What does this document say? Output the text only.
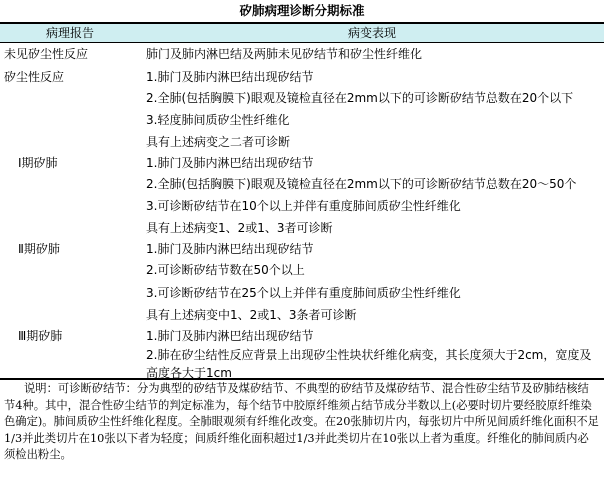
矽肺病理诊断分期标准
病理报告	病变表现
未见矽尘性反应	肺门及肺内淋巴结及两肺未见矽结节和矽尘性纤维化
矽尘性反应	1.肺门及肺内淋巴结出现矽结节
2.全肺(包括胸膜下)眼观及镜检直径在2mm以下的可诊断矽结节总数在20个以下
3.轻度肺间质矽尘性纤维化
具有上述病变之二者可诊断
Ⅰ期矽肺	1.肺门及肺内淋巴结出现矽结节
2.全肺(包括胸膜下)眼观及镜检直径在2mm以下的可诊断矽结节总数在20～50个
3.可诊断矽结节在10个以上并伴有重度肺间质矽尘性纤维化
具有上述病变1、2或1、3者可诊断
Ⅱ期矽肺	1.肺门及肺内淋巴结出现矽结节
2.可诊断矽结节数在50个以上
3.可诊断矽结节在25个以上并伴有重度肺间质矽尘性纤维化
具有上述病变中1、2或1、3条者可诊断
Ⅲ期矽肺	1.肺门及肺内淋巴结出现矽结节
2.肺在矽尘结性反应背景上出现矽尘性块状纤维化病变，其长度须大于2cm，宽度及高度各大于1cm
说明：可诊断矽结节：分为典型的矽结节及煤矽结节、不典型的矽结节及煤矽结节、混合性矽尘结节及矽肺结核结节4种。其中，混合性矽尘结节的判定标准为，每个结节中胶原纤维须占结节成分半数以上(必要时切片要经胶原纤维染色确定)。肺间质矽尘性纤维化程度。全肺眼观须有纤维化改变。在20张肺切片内，每张切片中所见间质纤维化面积不足1/3并此类切片在10张以下者为轻度；间质纤维化面积超过1/3并此类切片在10张以上者为重度。纤维化的肺间质内必须检出粉尘。
